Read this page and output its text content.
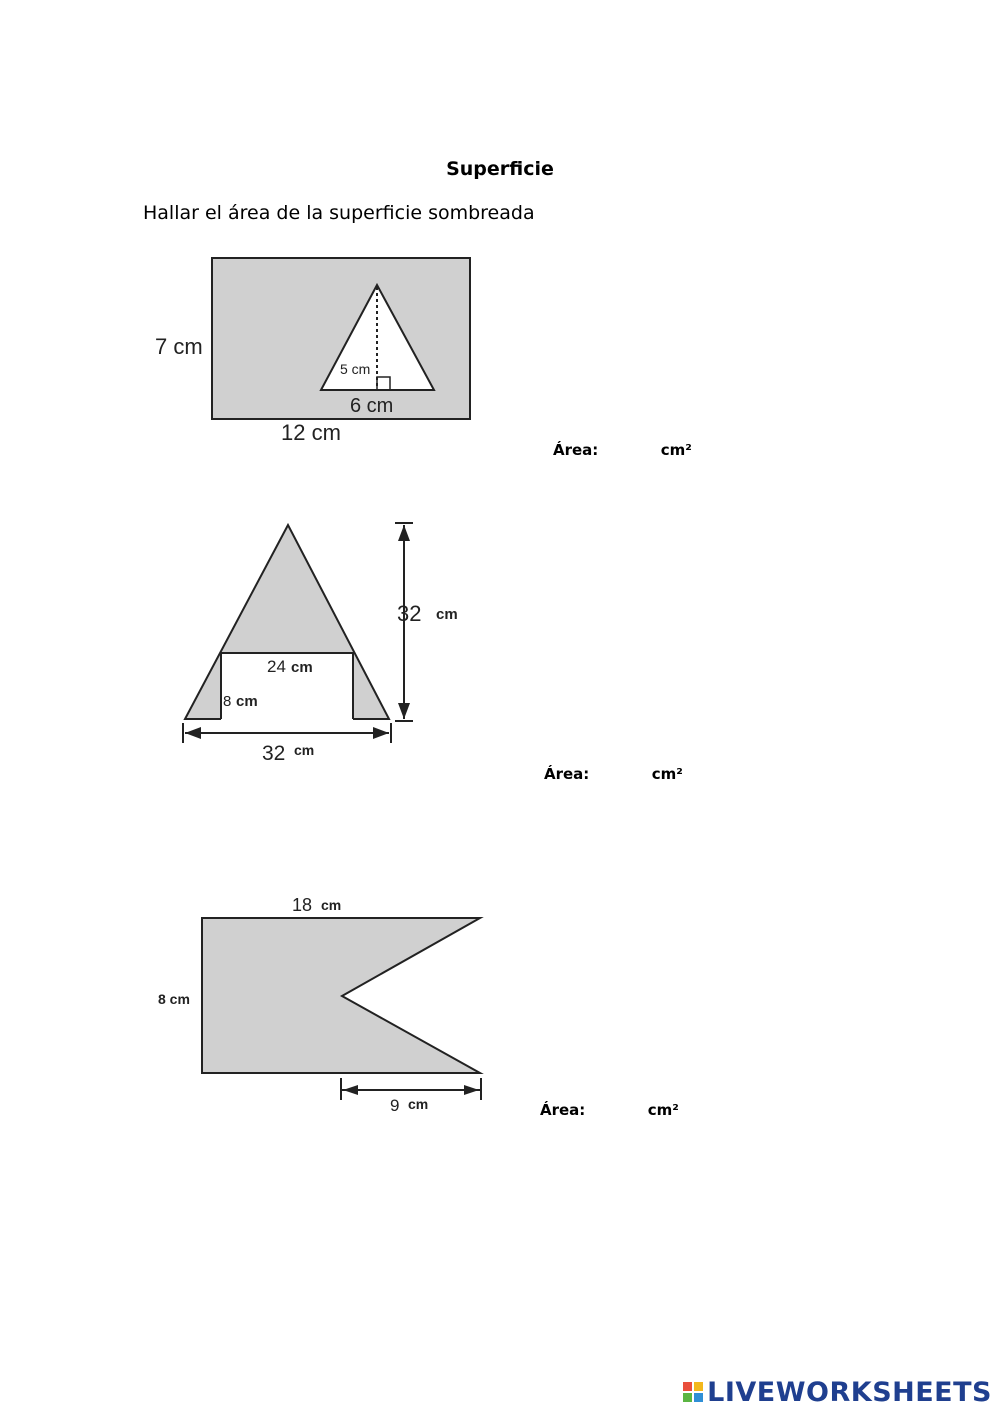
Superficie
Hallar el área de la superficie sombreada
7 cm
12 cm
5 cm
6 cm
Área:	cm²
32 cm
24 cm
8 cm
32 cm
Área:	cm²
18 cm
8 cm
9 cm	Área:	cm²
LIVEWORKSHEETS
